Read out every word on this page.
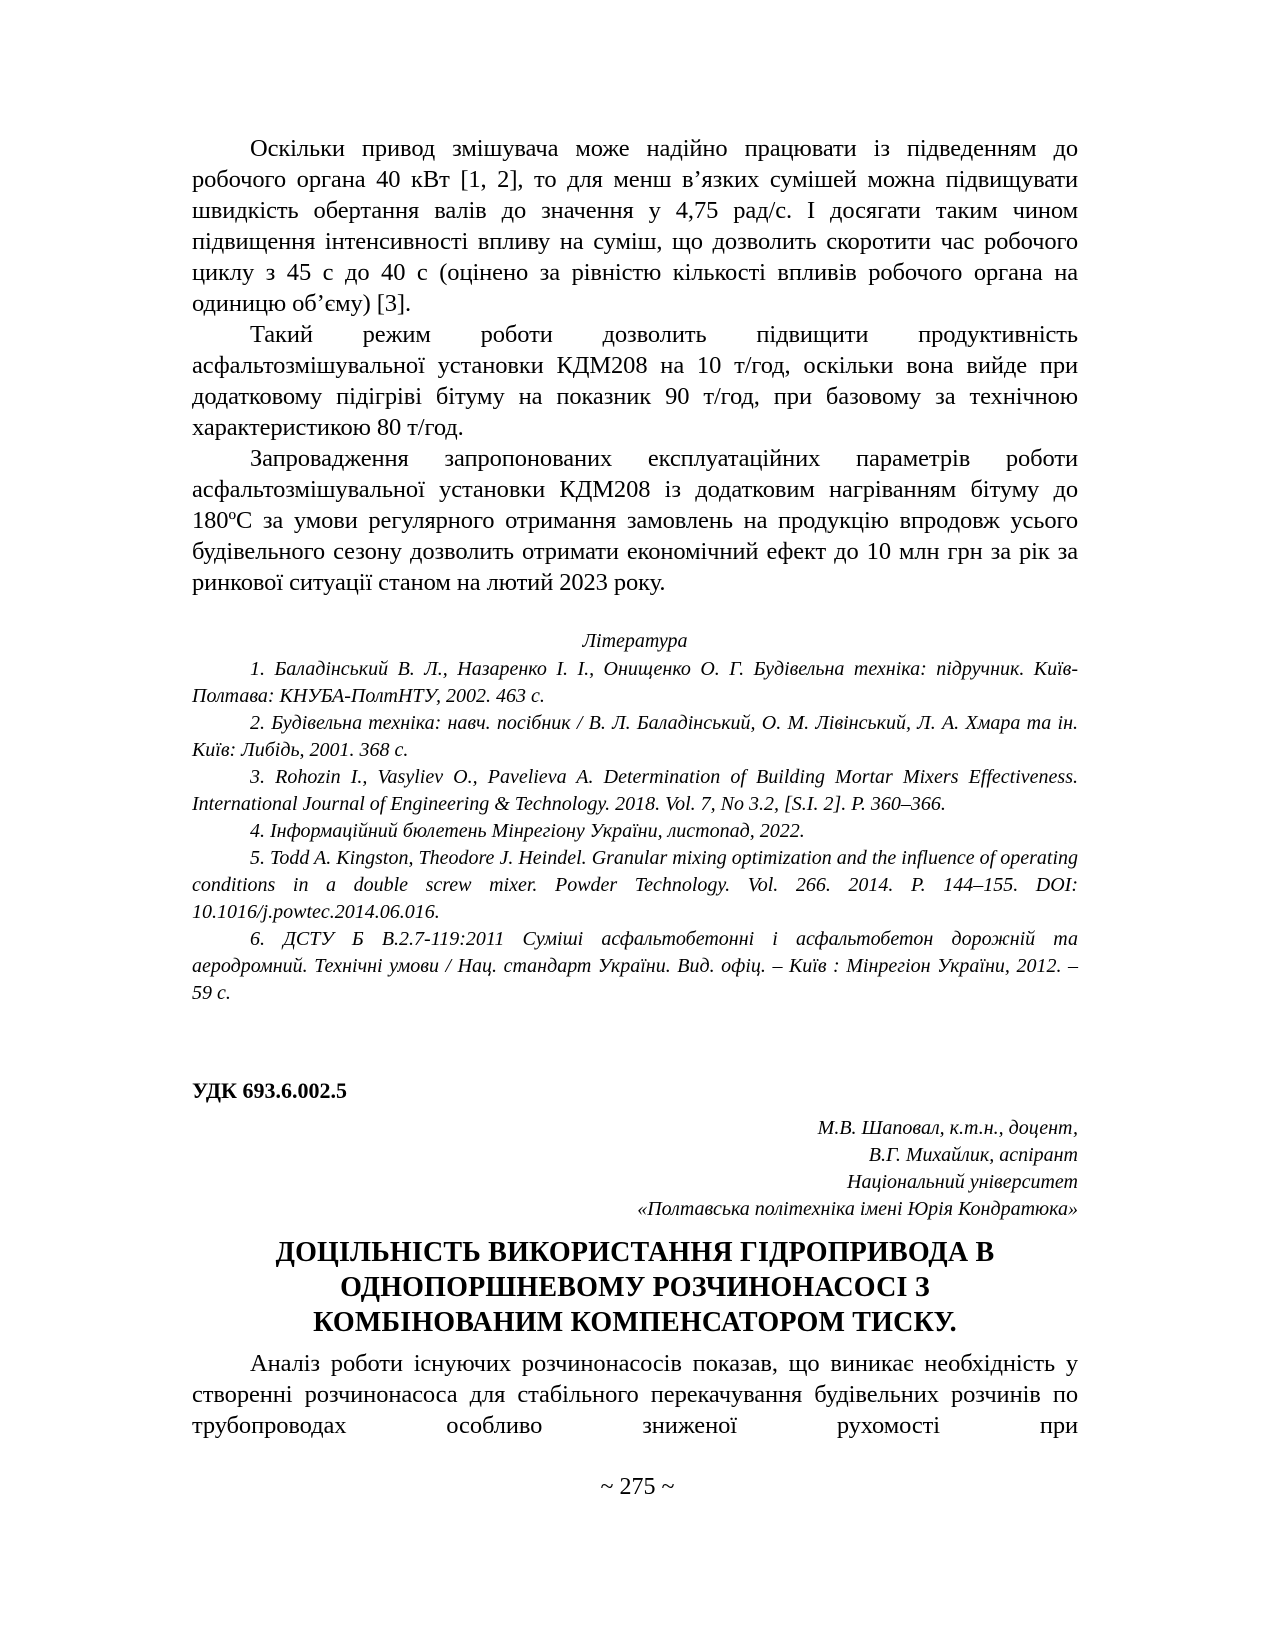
Оскільки привод змішувача може надійно працювати із підведенням до робочого органа 40 кВт [1, 2], то для менш в’язких сумішей можна підвищувати швидкість обертання валів до значення у 4,75 рад/с. І досягати таким чином підвищення інтенсивності впливу на суміш, що дозволить скоротити час робочого циклу з 45 с до 40 с (оцінено за рівністю кількості впливів робочого органа на одиницю об’єму) [3].

Такий режим роботи дозволить підвищити продуктивність асфальтозмішувальної установки КДМ208 на 10 т/год, оскільки вона вийде при додатковому підігріві бітуму на показник 90 т/год, при базовому за технічною характеристикою 80 т/год.

Запровадження запропонованих експлуатаційних параметрів роботи асфальтозмішувальної установки КДМ208 із додатковим нагріванням бітуму до 180ºС за умови регулярного отримання замовлень на продукцію впродовж усього будівельного сезону дозволить отримати економічний ефект до 10 млн грн за рік за ринкової ситуації станом на лютий 2023 року.

Література

1. Баладінський В. Л., Назаренко І. І., Онищенко О. Г. Будівельна техніка: підручник. Київ-Полтава: КНУБА-ПолтНТУ, 2002. 463 с.

2. Будівельна техніка: навч. посібник / В. Л. Баладінський, О. М. Лівінський, Л. А. Хмара та ін. Київ: Либідь, 2001. 368 с.

3. Rohozin I., Vasyliev O., Pavelieva A. Determination of Building Mortar Mixers Effectiveness. International Journal of Engineering & Technology. 2018. Vol. 7, No 3.2, [S.I. 2]. P. 360–366.

4. Інформаційний бюлетень Мінрегіону України, листопад, 2022.

5. Todd A. Kingston, Theodore J. Heindel. Granular mixing optimization and the influence of operating conditions in a double screw mixer. Powder Technology. Vol. 266. 2014. P. 144–155. DOI: 10.1016/j.powtec.2014.06.016.

6. ДСТУ Б В.2.7-119:2011 Суміші асфальтобетонні і асфальтобетон дорожній та аеродромний. Технічні умови / Нац. стандарт України. Вид. офіц. – Київ : Мінрегіон України, 2012. – 59 с.

УДК 693.6.002.5
М.В. Шаповал, к.т.н., доцент,
В.Г. Михайлик, аспірант
Національний університет
«Полтавська політехніка імені Юрія Кондратюка»
ДОЦІЛЬНІСТЬ ВИКОРИСТАННЯ ГІДРОПРИВОДА В
ОДНОПОРШНЕВОМУ РОЗЧИНОНАСОСІ З
КОМБІНОВАНИМ КОМПЕНСАТОРОМ ТИСКУ.

Аналіз роботи існуючих розчинонасосів показав, що виникає необхідність у створенні розчинонасоса для стабільного перекачування будівельних розчинів по трубопроводах особливо зниженої рухомості при

~ 275 ~
